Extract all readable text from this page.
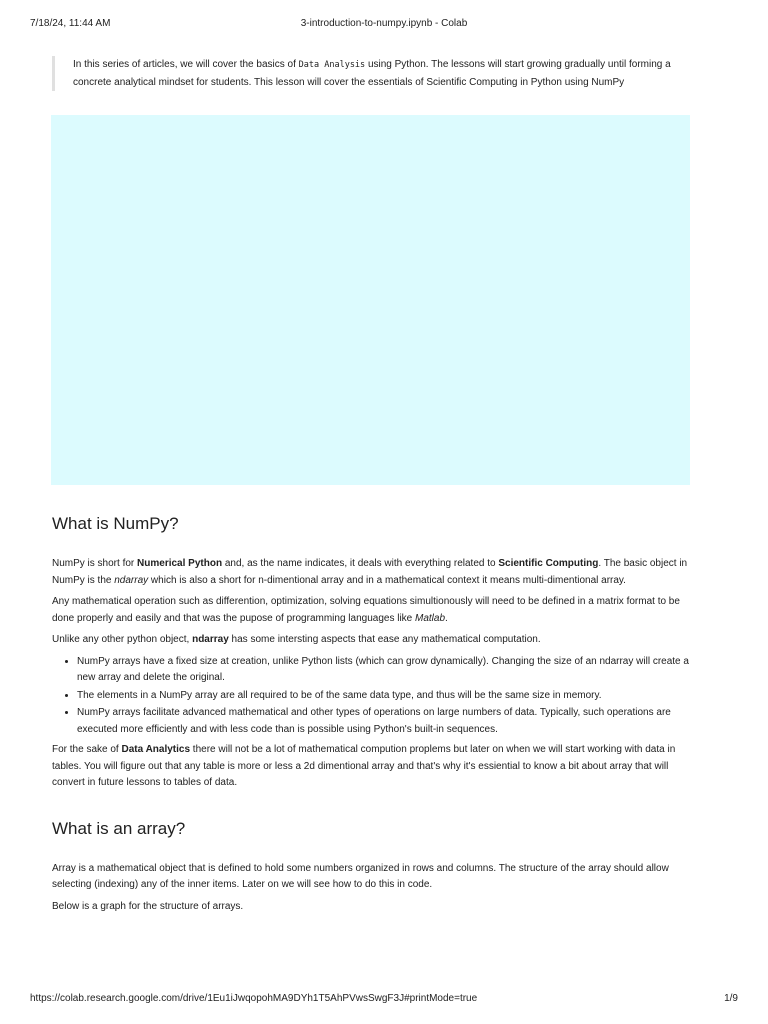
7/18/24, 11:44 AM	3-introduction-to-numpy.ipynb - Colab
In this series of articles, we will cover the basics of Data Analysis using Python. The lessons will start growing gradually until forming a concrete analytical mindset for students. This lesson will cover the essentials of Scientific Computing in Python using NumPy
What is NumPy?

NumPy is short for Numerical Python and, as the name indicates, it deals with everything related to Scientific Computing. The basic object in NumPy is the ndarray which is also a short for n-dimentional array and in a mathematical context it means multi-dimentional array.

Any mathematical operation such as differention, optimization, solving equations simultionously will need to be defined in a matrix format to be done properly and easily and that was the pupose of programming languages like Matlab.

Unlike any other python object, ndarray has some intersting aspects that ease any mathematical computation.

• NumPy arrays have a fixed size at creation, unlike Python lists (which can grow dynamically). Changing the size of an ndarray will create a new array and delete the original.
• The elements in a NumPy array are all required to be of the same data type, and thus will be the same size in memory.
• NumPy arrays facilitate advanced mathematical and other types of operations on large numbers of data. Typically, such operations are executed more efficiently and with less code than is possible using Python's built-in sequences.

For the sake of Data Analytics there will not be a lot of mathematical compution proplems but later on when we will start working with data in tables. You will figure out that any table is more or less a 2d dimentional array and that's why it's essiential to know a bit about array that will convert in future lessons to tables of data.

What is an array?

Array is a mathematical object that is defined to hold some numbers organized in rows and columns. The structure of the array should allow selecting (indexing) any of the inner items. Later on we will see how to do this in code.

Below is a graph for the structure of arrays.

https://colab.research.google.com/drive/1Eu1iJwqopohMA9DYh1T5AhPVwsSwgF3J#printMode=true	1/9
